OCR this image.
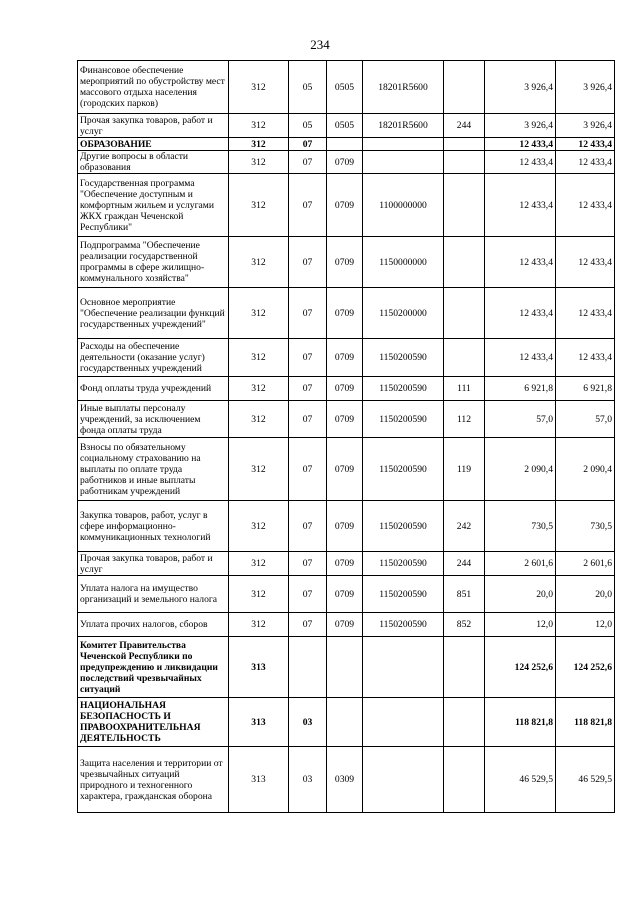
234
Финансовое обеспечение мероприятий по обустройству мест массового отдыха населения (городских парков)	312	05	0505	18201R5600		3 926,4	3 926,4
Прочая закупка товаров, работ и услуг	312	05	0505	18201R5600	244	3 926,4	3 926,4
ОБРАЗОВАНИЕ	312	07				12 433,4	12 433,4
Другие вопросы в области образования	312	07	0709			12 433,4	12 433,4
Государственная программа "Обеспечение доступным и комфортным жильем и услугами ЖКХ граждан Чеченской Республики"	312	07	0709	1100000000		12 433,4	12 433,4
Подпрограмма "Обеспечение реализации государственной программы в сфере жилищно-коммунального хозяйства"	312	07	0709	1150000000		12 433,4	12 433,4
Основное мероприятие "Обеспечение реализации функций государственных учреждений"	312	07	0709	1150200000		12 433,4	12 433,4
Расходы на обеспечение деятельности (оказание услуг) государственных учреждений	312	07	0709	1150200590		12 433,4	12 433,4
Фонд оплаты труда учреждений	312	07	0709	1150200590	111	6 921,8	6 921,8
Иные выплаты персоналу учреждений, за исключением фонда оплаты труда	312	07	0709	1150200590	112	57,0	57,0
Взносы по обязательному социальному страхованию на выплаты по оплате труда работников и иные выплаты работникам учреждений	312	07	0709	1150200590	119	2 090,4	2 090,4
Закупка товаров, работ, услуг в сфере информационно-коммуникационных технологий	312	07	0709	1150200590	242	730,5	730,5
Прочая закупка товаров, работ и услуг	312	07	0709	1150200590	244	2 601,6	2 601,6
Уплата налога на имущество организаций и земельного налога	312	07	0709	1150200590	851	20,0	20,0
Уплата прочих налогов, сборов	312	07	0709	1150200590	852	12,0	12,0
Комитет Правительства Чеченской Республики по предупреждению и ликвидации последствий чрезвычайных ситуаций	313					124 252,6	124 252,6
НАЦИОНАЛЬНАЯ БЕЗОПАСНОСТЬ И ПРАВООХРАНИТЕЛЬНАЯ ДЕЯТЕЛЬНОСТЬ	313	03				118 821,8	118 821,8
Защита населения и территории от чрезвычайных ситуаций природного и техногенного характера, гражданская оборона	313	03	0309			46 529,5	46 529,5
